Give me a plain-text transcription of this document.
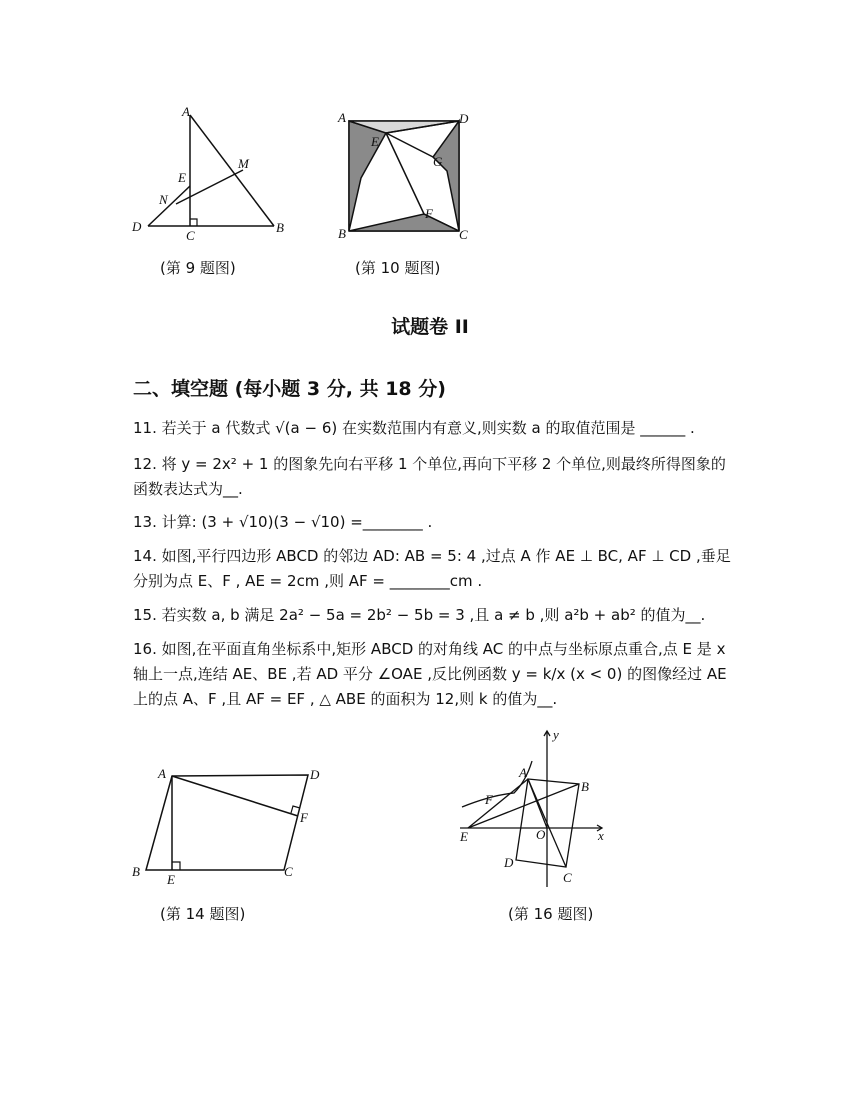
A
M
E
N
D
C
B
(第 9 题图)
A	D
E
G
F
B	C
(第 10 题图)
试题卷 II
二、填空题 (每小题 3 分, 共 18 分)
11. 若关于 a 代数式 √(a − 6) 在实数范围内有意义,则实数 a 的取值范围是 ______ .
12. 将 y = 2x² + 1 的图象先向右平移 1 个单位,再向下平移 2 个单位,则最终所得图象的函数表达式为__.
13. 计算: (3 + √10)(3 − √10) =________ .
14. 如图,平行四边形 ABCD 的邻边 AD: AB = 5: 4 ,过点 A 作 AE ⊥ BC, AF ⊥ CD ,垂足分别为点 E、F , AE = 2cm ,则 AF = ________cm .
15. 若实数 a, b 满足 2a² − 5a = 2b² − 5b = 3 ,且 a ≠ b ,则 a²b + ab² 的值为__.
16. 如图,在平面直角坐标系中,矩形 ABCD 的对角线 AC 的中点与坐标原点重合,点 E 是 x 轴上一点,连结 AE、BE ,若 AD 平分 ∠OAE ,反比例函数 y = k/x (x < 0) 的图像经过 AE 上的点 A、F ,且 AF = EF , △ ABE 的面积为 12,则 k 的值为__.
A	D
F
B
E
C
(第 14 题图)
y
A
B
F
E	O	x
D
C
(第 16 题图)
